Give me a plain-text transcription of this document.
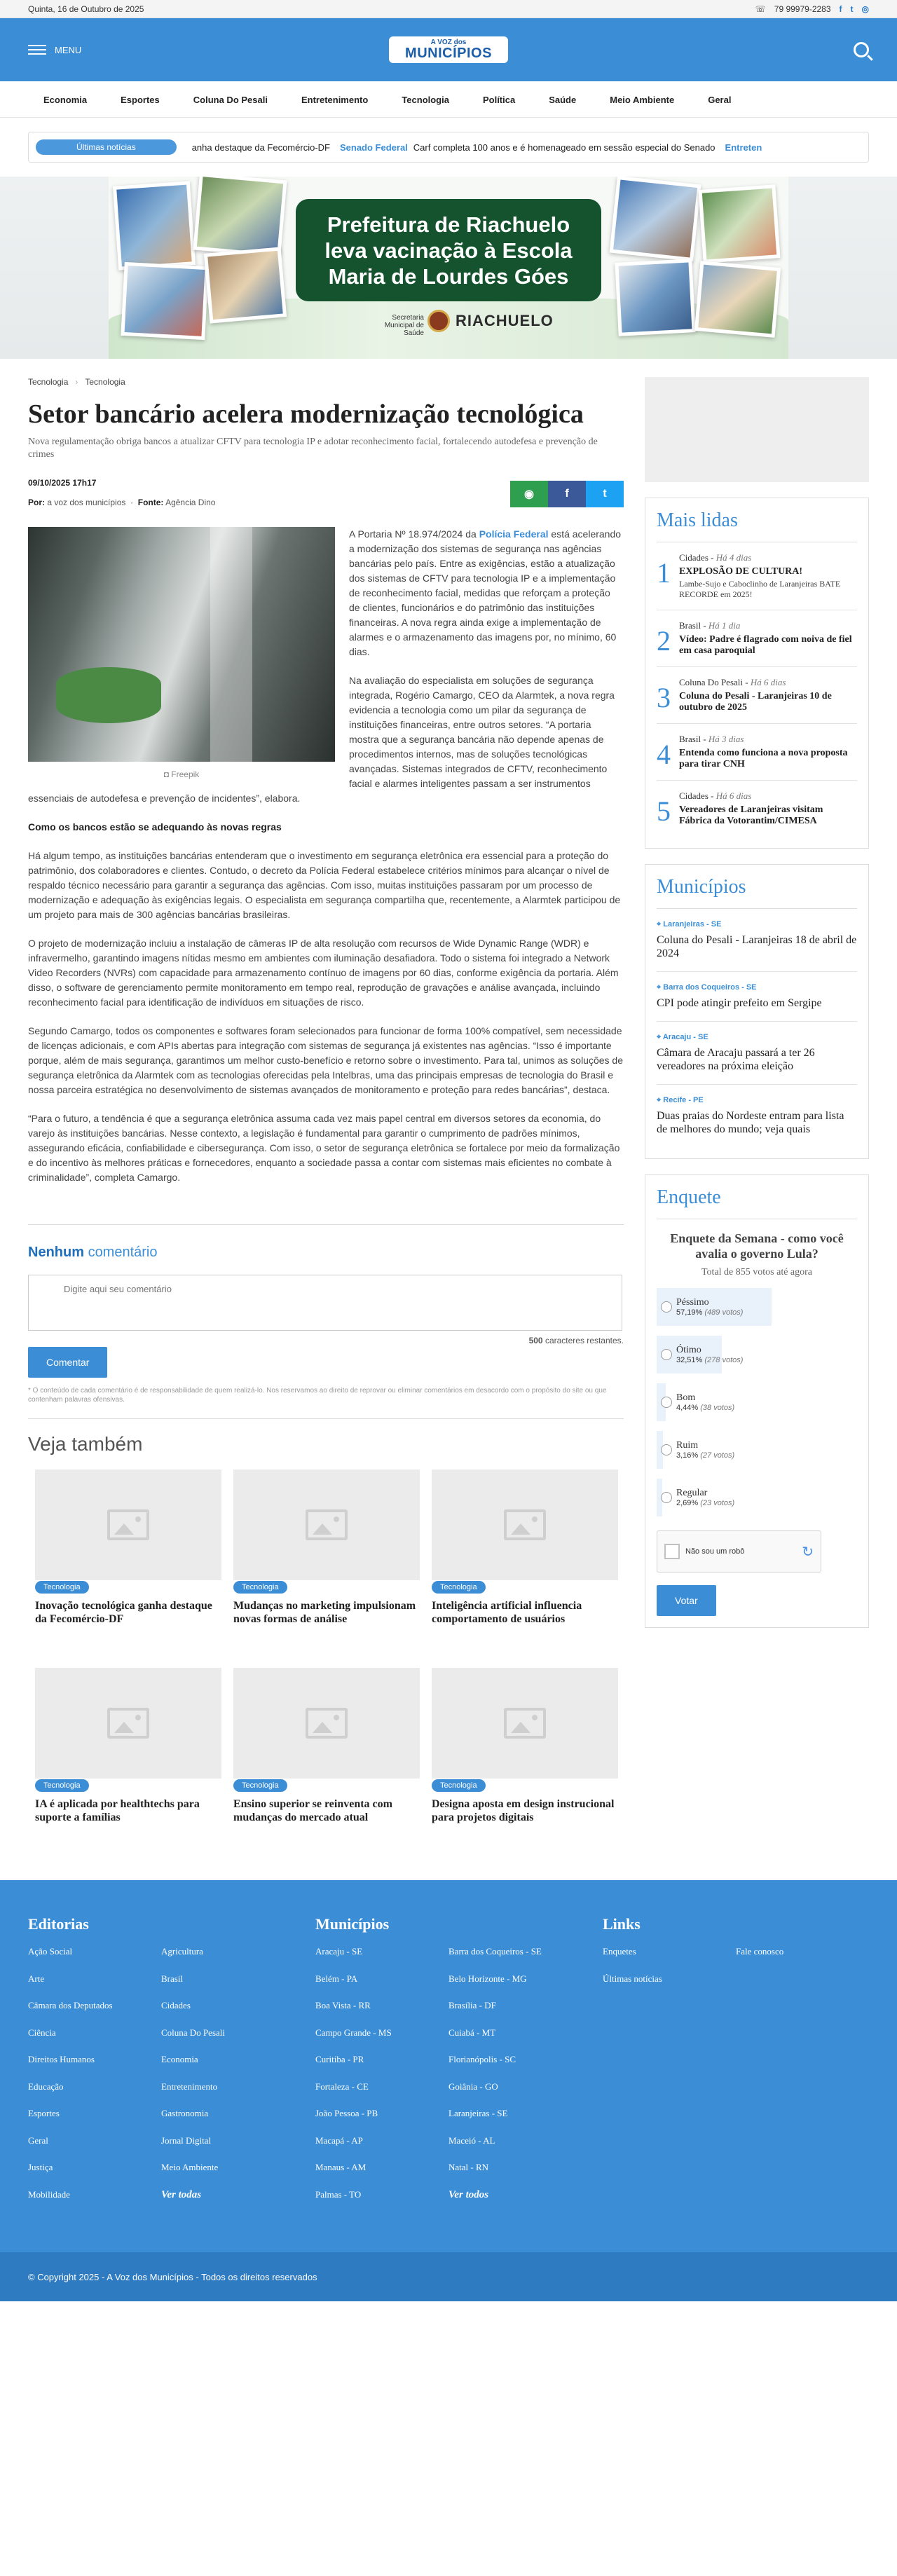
Quinta, 16 de Outubro de 2025	☏ 79 99979-2283 f t ◎
MENU
A VOZ dos
MUNICÍPIOS
Economia	Esportes	Coluna Do Pesali	Entretenimento	Tecnologia	Política	Saúde	Meio Ambiente	Geral
Últimas notícias	anha destaque da Fecomércio-DF Senado Federal Carf completa 100 anos e é homenageado em sessão especial do Senado Entreten
Prefeitura de Riachuelo leva vacinação à Escola Maria de Lourdes Góes
Secretaria Municipal de Saúde
RIACHUELO
Tecnologia › Tecnologia
Setor bancário acelera modernização tecnológica

Nova regulamentação obriga bancos a atualizar CFTV para tecnologia IP e adotar reconhecimento facial, fortalecendo autodefesa e prevenção de crimes

09/10/2025 17h17
Por: a voz dos municípios  ·  Fonte: Agência Dino
◉	f	t
◘ Freepik

A Portaria Nº 18.974/2024 da Polícia Federal está acelerando a modernização dos sistemas de segurança nas agências bancárias pelo país. Entre as exigências, estão a atualização dos sistemas de CFTV para tecnologia IP e a implementação de reconhecimento facial, medidas que reforçam a proteção de clientes, funcionários e do patrimônio das instituições financeiras. A nova regra ainda exige a implementação de alarmes e o armazenamento das imagens por, no mínimo, 60 dias.

Na avaliação do especialista em soluções de segurança integrada, Rogério Camargo, CEO da Alarmtek, a nova regra evidencia a tecnologia como um pilar da segurança de instituições financeiras, entre outros setores. “A portaria mostra que a segurança bancária não depende apenas de procedimentos internos, mas de soluções tecnológicas avançadas. Sistemas integrados de CFTV, reconhecimento facial e alarmes inteligentes passam a ser instrumentos essenciais de autodefesa e prevenção de incidentes”, elabora.

Como os bancos estão se adequando às novas regras

Há algum tempo, as instituições bancárias entenderam que o investimento em segurança eletrônica era essencial para a proteção do patrimônio, dos colaboradores e clientes. Contudo, o decreto da Polícia Federal estabelece critérios mínimos para alcançar o nível de respaldo técnico necessário para garantir a segurança das agências. Com isso, muitas instituições passaram por um processo de modernização e adequação às exigências legais. O especialista em segurança compartilha que, recentemente, a Alarmtek participou de um projeto para mais de 300 agências bancárias brasileiras.

O projeto de modernização incluiu a instalação de câmeras IP de alta resolução com recursos de Wide Dynamic Range (WDR) e infravermelho, garantindo imagens nítidas mesmo em ambientes com iluminação desafiadora. Todo o sistema foi integrado a Network Video Recorders (NVRs) com capacidade para armazenamento contínuo de imagens por 60 dias, conforme exigência da portaria. Além disso, o software de gerenciamento permite monitoramento em tempo real, reprodução de gravações e análise avançada, incluindo reconhecimento facial para identificação de indivíduos em situações de risco.

Segundo Camargo, todos os componentes e softwares foram selecionados para funcionar de forma 100% compatível, sem necessidade de licenças adicionais, e com APIs abertas para integração com sistemas de segurança já existentes nas agências. “Isso é importante porque, além de mais segurança, garantimos um melhor custo-benefício e retorno sobre o investimento. Para tal, unimos as soluções de segurança eletrônica da Alarmtek com as tecnologias oferecidas pela Intelbras, uma das principais empresas de tecnologia do Brasil e nossa parceira estratégica no desenvolvimento de sistemas avançados de monitoramento e proteção para redes bancárias”, destaca.

“Para o futuro, a tendência é que a segurança eletrônica assuma cada vez mais papel central em diversos setores da economia, do varejo às instituições bancárias. Nesse contexto, a legislação é fundamental para garantir o cumprimento de padrões mínimos, assegurando eficácia, confiabilidade e cibersegurança. Com isso, o setor de segurança eletrônica se fortalece por meio da formalização e do incentivo às melhores práticas e fornecedores, enquanto a sociedade passa a contar com sistemas mais eficientes no combate à criminalidade”, completa Camargo.

Nenhum comentário
Digite aqui seu comentário
500 caracteres restantes.
Comentar
* O conteúdo de cada comentário é de responsabilidade de quem realizá-lo. Nos reservamos ao direito de reprovar ou eliminar comentários em desacordo com o propósito do site ou que contenham palavras ofensivas.
Veja também
Tecnologia
Inovação tecnológica ganha destaque da Fecomércio-DF
Tecnologia
Mudanças no marketing impulsionam novas formas de análise
Tecnologia
Inteligência artificial influencia comportamento de usuários
Tecnologia
IA é aplicada por healthtechs para suporte a famílias
Tecnologia
Ensino superior se reinventa com mudanças do mercado atual
Tecnologia
Designa aposta em design instrucional para projetos digitais
Mais lidas
1 Cidades - Há 4 dias
EXPLOSÃO DE CULTURA!
Lambe-Sujo e Caboclinho de Laranjeiras BATE RECORDE em 2025!
2 Brasil - Há 1 dia
Vídeo: Padre é flagrado com noiva de fiel em casa paroquial
3 Coluna Do Pesali - Há 6 dias
Coluna do Pesali - Laranjeiras 10 de outubro de 2025
4 Brasil - Há 3 dias
Entenda como funciona a nova proposta para tirar CNH
5 Cidades - Há 6 dias
Vereadores de Laranjeiras visitam Fábrica da Votorantim/CIMESA
Municípios
⌖ Laranjeiras - SE
Coluna do Pesali - Laranjeiras 18 de abril de 2024
⌖ Barra dos Coqueiros - SE
CPI pode atingir prefeito em Sergipe
⌖ Aracaju - SE
Câmara de Aracaju passará a ter 26 vereadores na próxima eleição
⌖ Recife - PE
Duas praias do Nordeste entram para lista de melhores do mundo; veja quais
Enquete
Enquete da Semana - como você avalia o governo Lula?
Total de 855 votos até agora
Péssimo
57,19% (489 votos)
Ótimo
32,51% (278 votos)
Bom
4,44% (38 votos)
Ruim
3,16% (27 votos)
Regular
2,69% (23 votos)
Não sou um robô	↻
Votar
Editorias
Ação Social	Agricultura
Arte	Brasil
Câmara dos Deputados	Cidades
Ciência	Coluna Do Pesali
Direitos Humanos	Economia
Educação	Entretenimento
Esportes	Gastronomia
Geral	Jornal Digital
Justiça	Meio Ambiente
Mobilidade	Ver todas
Municípios
Aracaju - SE	Barra dos Coqueiros - SE
Belém - PA	Belo Horizonte - MG
Boa Vista - RR	Brasília - DF
Campo Grande - MS	Cuiabá - MT
Curitiba - PR	Florianópolis - SC
Fortaleza - CE	Goiânia - GO
João Pessoa - PB	Laranjeiras - SE
Macapá - AP	Maceió - AL
Manaus - AM	Natal - RN
Palmas - TO	Ver todos
Links
Enquetes	Fale conosco
Últimas notícias
© Copyright 2025 - A Voz dos Municípios - Todos os direitos reservados
